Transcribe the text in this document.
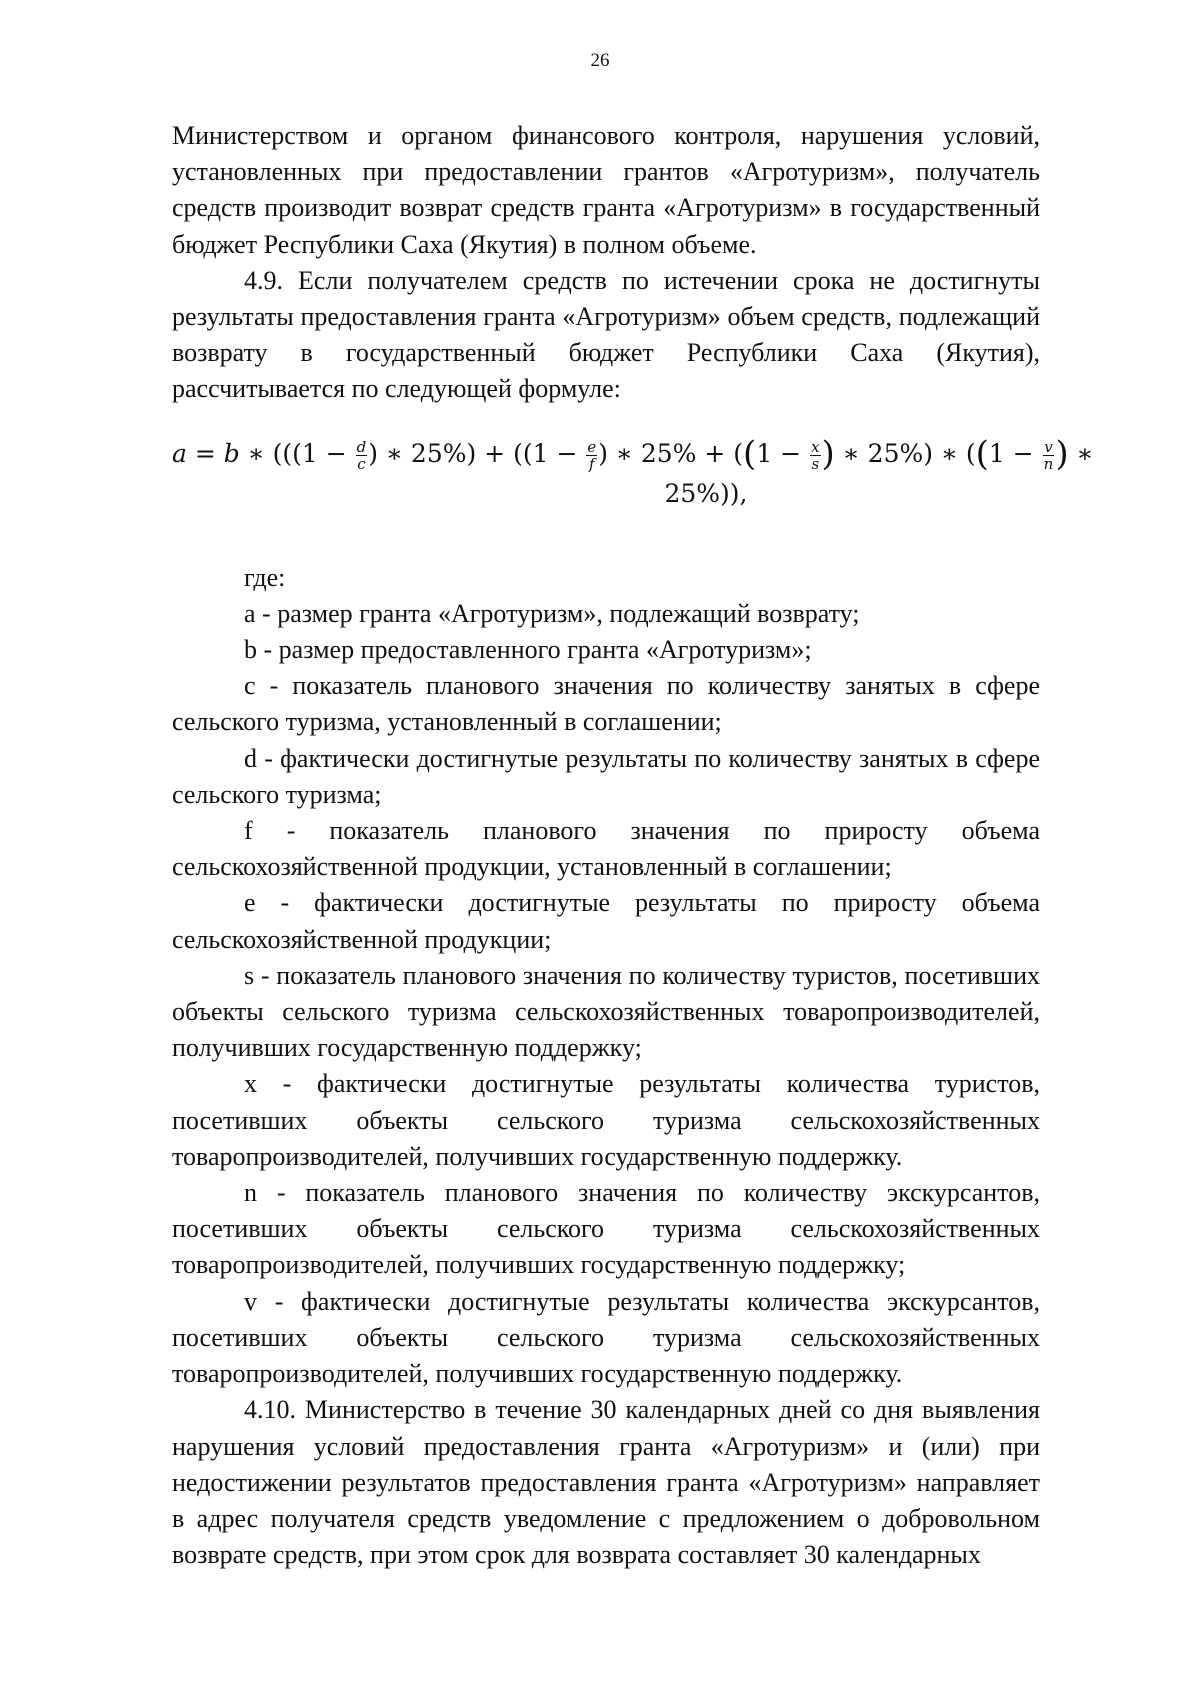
26

Министерством и органом финансового контроля, нарушения условий, установленных при предоставлении грантов «Агротуризм», получатель средств производит возврат средств гранта «Агротуризм» в государственный бюджет Республики Саха (Якутия) в полном объеме.

4.9. Если получателем средств по истечении срока не достигнуты результаты предоставления гранта «Агротуризм» объем средств, подлежащий возврату в государственный бюджет Республики Саха (Якутия), рассчитывается по следующей формуле:

a = b ∗ ((($1 - \frac{d}{c}$ ) ∗ $25\%) + ((1 - \frac{e}{f}$ ) ∗ $25\% + ((1 - \frac{x}{s}$ ) ∗ 25%) ∗ (($1 - \frac{v}{n}$ ) ∗
25%)),

где:

a - размер гранта «Агротуризм», подлежащий возврату;

b - размер предоставленного гранта «Агротуризм»;

c - показатель планового значения по количеству занятых в сфере сельского туризма, установленный в соглашении;

d - фактически достигнутые результаты по количеству занятых в сфере сельского туризма;

f - показатель планового значения по приросту объема сельскохозяйственной продукции, установленный в соглашении;

e - фактически достигнутые результаты по приросту объема сельскохозяйственной продукции;

s - показатель планового значения по количеству туристов, посетивших объекты сельского туризма сельскохозяйственных товаропроизводителей, получивших государственную поддержку;

x - фактически достигнутые результаты количества туристов, посетивших объекты сельского туризма сельскохозяйственных товаропроизводителей, получивших государственную поддержку.

n - показатель планового значения по количеству экскурсантов, посетивших объекты сельского туризма сельскохозяйственных товаропроизводителей, получивших государственную поддержку;

v - фактически достигнутые результаты количества экскурсантов, посетивших объекты сельского туризма сельскохозяйственных товаропроизводителей, получивших государственную поддержку.

4.10. Министерство в течение 30 календарных дней со дня выявления нарушения условий предоставления гранта «Агротуризм» и (или) при недостижении результатов предоставления гранта «Агротуризм» направляет в адрес получателя средств уведомление с предложением о добровольном возврате средств, при этом срок для возврата составляет 30 календарных
